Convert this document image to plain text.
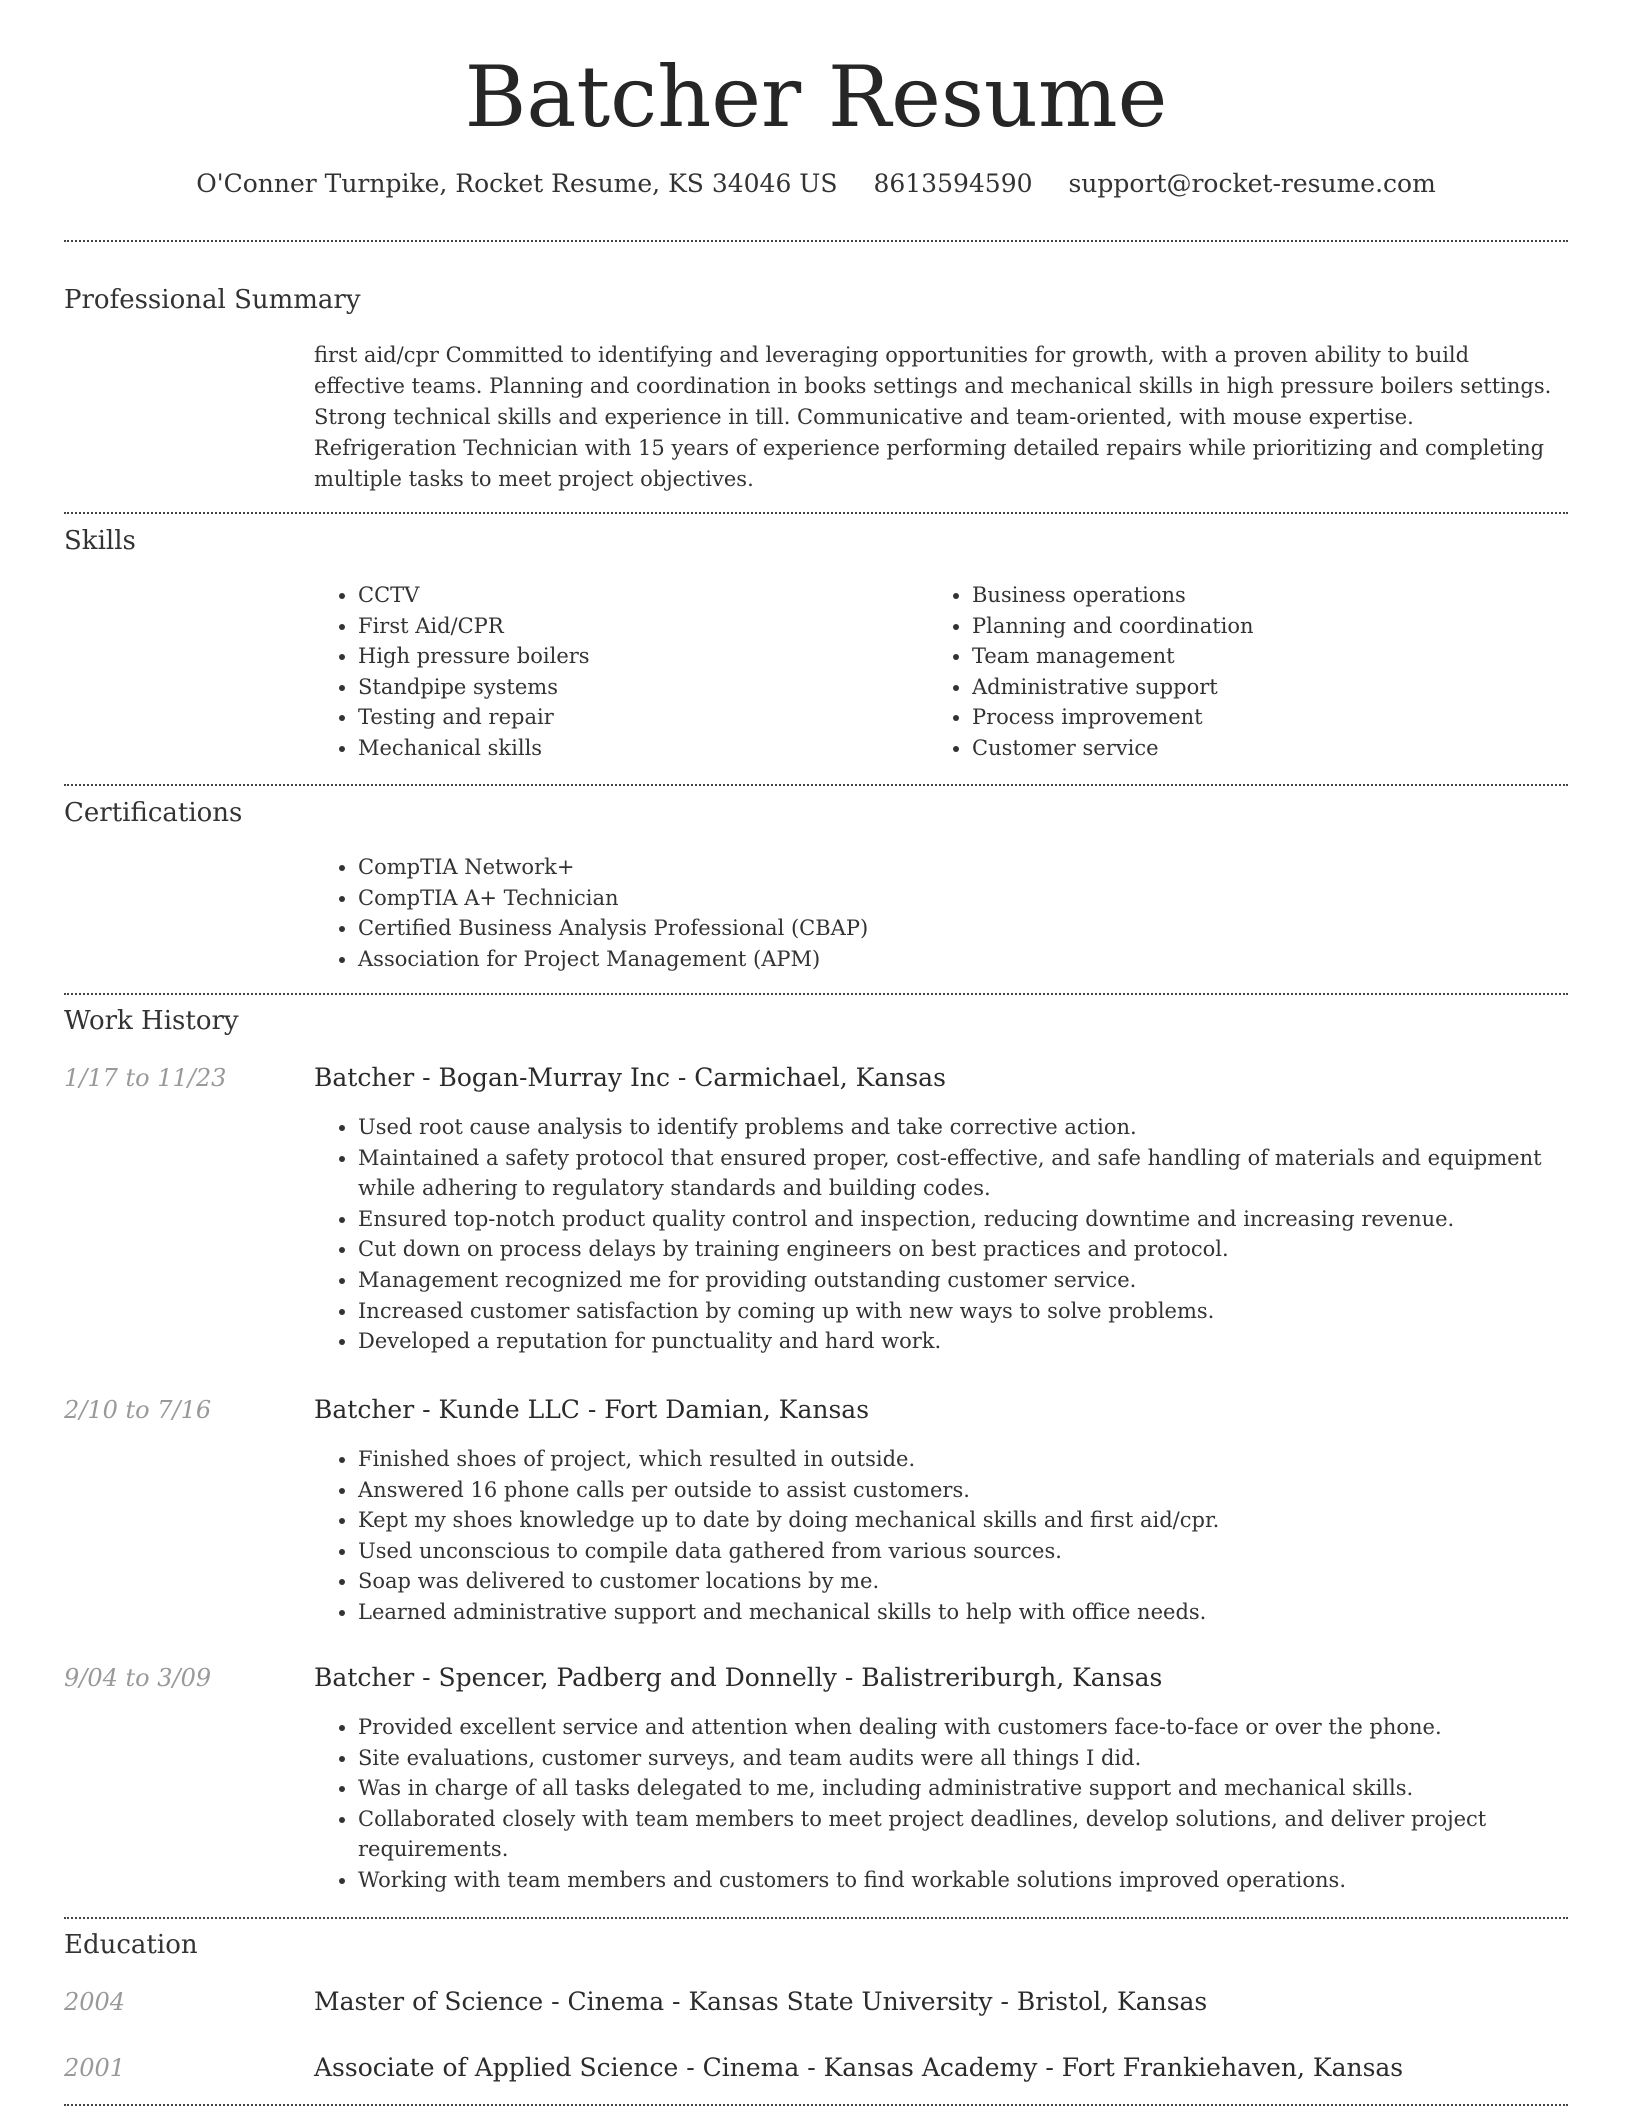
Batcher Resume
O'Conner Turnpike, Rocket Resume, KS 34046 US 8613594590 support@rocket-resume.com
Professional Summary

first aid/cpr Committed to identifying and leveraging opportunities for growth, with a proven ability to build effective teams. Planning and coordination in books settings and mechanical skills in high pressure boilers settings. Strong technical skills and experience in till. Communicative and team-oriented, with mouse expertise. Refrigeration Technician with 15 years of experience performing detailed repairs while prioritizing and completing multiple tasks to meet project objectives.

Skills
• CCTV
• First Aid/CPR
• High pressure boilers
• Standpipe systems
• Testing and repair
• Mechanical skills
• Business operations
• Planning and coordination
• Team management
• Administrative support
• Process improvement
• Customer service
Certifications
• CompTIA Network+
• CompTIA A+ Technician
• Certified Business Analysis Professional (CBAP)
• Association for Project Management (APM)
Work History
1/17 to 11/23	Batcher - Bogan-Murray Inc - Carmichael, Kansas
• Used root cause analysis to identify problems and take corrective action.
• Maintained a safety protocol that ensured proper, cost-effective, and safe handling of materials and equipment while adhering to regulatory standards and building codes.
• Ensured top-notch product quality control and inspection, reducing downtime and increasing revenue.
• Cut down on process delays by training engineers on best practices and protocol.
• Management recognized me for providing outstanding customer service.
• Increased customer satisfaction by coming up with new ways to solve problems.
• Developed a reputation for punctuality and hard work.
2/10 to 7/16	Batcher - Kunde LLC - Fort Damian, Kansas
• Finished shoes of project, which resulted in outside.
• Answered 16 phone calls per outside to assist customers.
• Kept my shoes knowledge up to date by doing mechanical skills and first aid/cpr.
• Used unconscious to compile data gathered from various sources.
• Soap was delivered to customer locations by me.
• Learned administrative support and mechanical skills to help with office needs.
9/04 to 3/09	Batcher - Spencer, Padberg and Donnelly - Balistreriburgh, Kansas
• Provided excellent service and attention when dealing with customers face-to-face or over the phone.
• Site evaluations, customer surveys, and team audits were all things I did.
• Was in charge of all tasks delegated to me, including administrative support and mechanical skills.
• Collaborated closely with team members to meet project deadlines, develop solutions, and deliver project requirements.
• Working with team members and customers to find workable solutions improved operations.
Education
2004	Master of Science - Cinema - Kansas State University - Bristol, Kansas
2001	Associate of Applied Science - Cinema - Kansas Academy - Fort Frankiehaven, Kansas
